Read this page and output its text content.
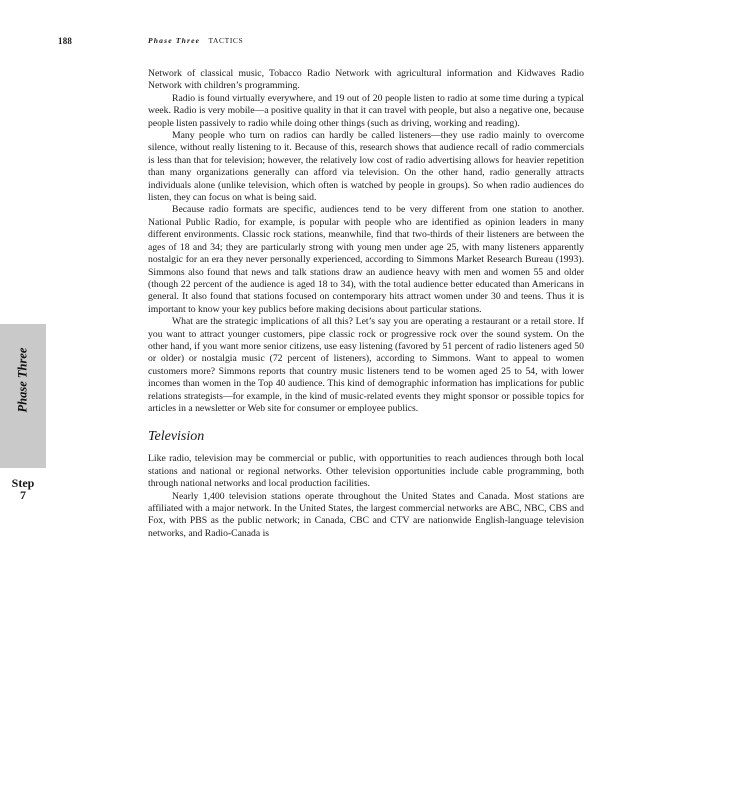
188	Phase Three TACTICS
Phase Three
Step
7

Network of classical music, Tobacco Radio Network with agricultural information and Kidwaves Radio Network with children’s programming.

Radio is found virtually everywhere, and 19 out of 20 people listen to radio at some time during a typical week. Radio is very mobile—a positive quality in that it can travel with people, but also a negative one, because people listen passively to radio while doing other things (such as driving, working and reading).

Many people who turn on radios can hardly be called listeners—they use radio mainly to overcome silence, without really listening to it. Because of this, research shows that audience recall of radio commercials is less than that for television; however, the relatively low cost of radio advertising allows for heavier repetition than many organizations generally can afford via television. On the other hand, radio generally attracts individuals alone (unlike television, which often is watched by people in groups). So when radio audiences do listen, they can focus on what is being said.

Because radio formats are specific, audiences tend to be very different from one station to another. National Public Radio, for example, is popular with people who are identified as opinion leaders in many different environments. Classic rock stations, meanwhile, find that two-thirds of their listeners are between the ages of 18 and 34; they are particularly strong with young men under age 25, with many listeners apparently nostalgic for an era they never personally experienced, according to Simmons Market Research Bureau (1993). Simmons also found that news and talk stations draw an audience heavy with men and women 55 and older (though 22 percent of the audience is aged 18 to 34), with the total audience better educated than Americans in general. It also found that stations focused on contemporary hits attract women under 30 and teens. Thus it is important to know your key publics before making decisions about particular stations.

What are the strategic implications of all this? Let’s say you are operating a restaurant or a retail store. If you want to attract younger customers, pipe classic rock or progressive rock over the sound system. On the other hand, if you want more senior citizens, use easy listening (favored by 51 percent of radio listeners aged 50 or older) or nostalgia music (72 percent of listeners), according to Simmons. Want to appeal to women customers more? Simmons reports that country music listeners tend to be women aged 25 to 54, with lower incomes than women in the Top 40 audience. This kind of demographic information has implications for public relations strategists—for example, in the kind of music-related events they might sponsor or possible topics for articles in a newsletter or Web site for consumer or employee publics.

Television

Like radio, television may be commercial or public, with opportunities to reach audiences through both local stations and national or regional networks. Other television opportunities include cable programming, both through national networks and local production facilities.

Nearly 1,400 television stations operate throughout the United States and Canada. Most stations are affiliated with a major network. In the United States, the largest commercial networks are ABC, NBC, CBS and Fox, with PBS as the public network; in Canada, CBC and CTV are nationwide English-language television networks, and Radio-Canada is
